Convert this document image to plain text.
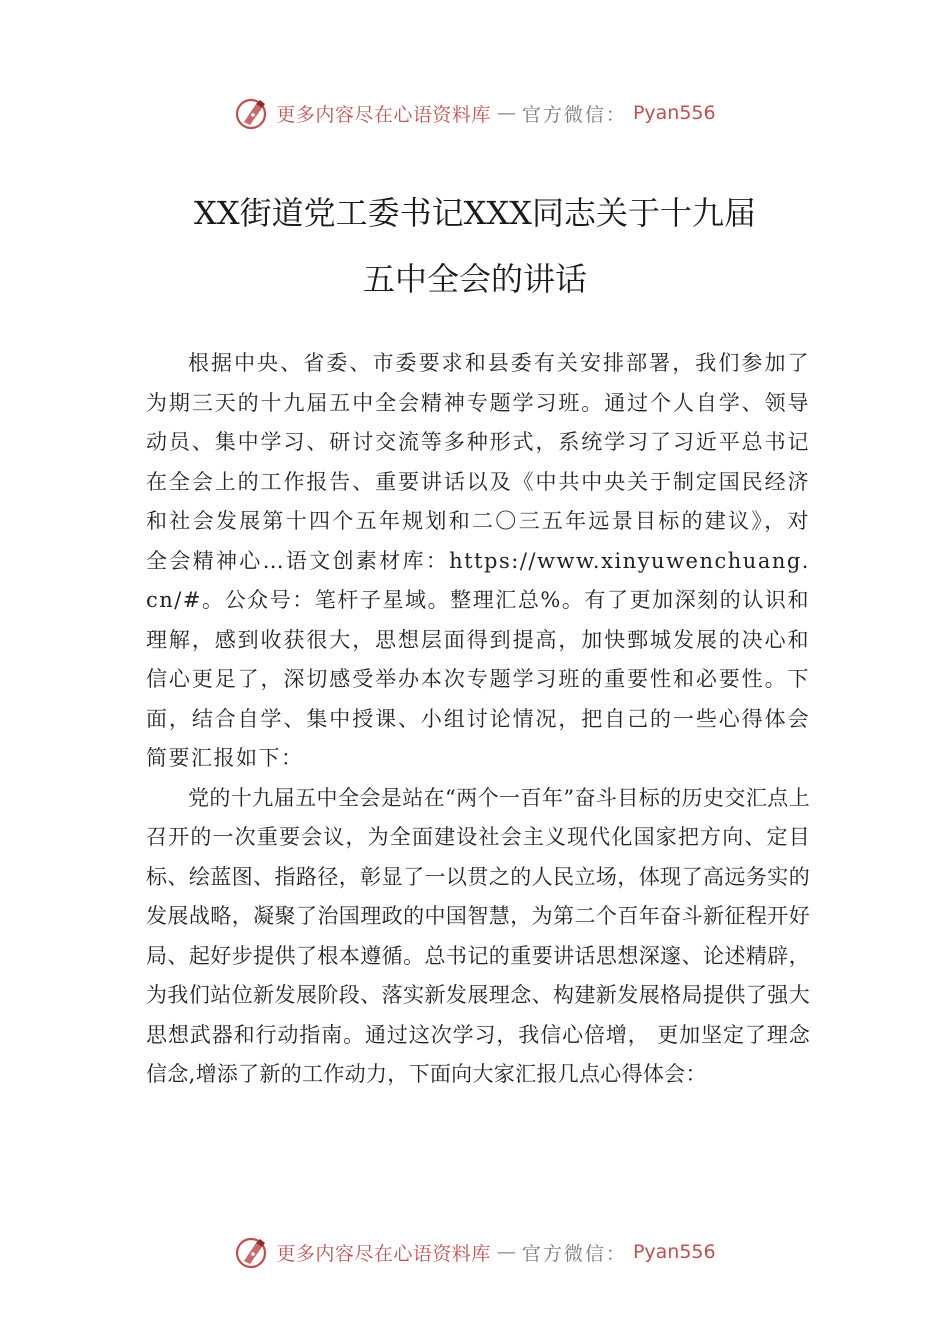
更多内容尽在心语资料库 — 官方微信： Pyan556
XX街道党工委书记XXX同志关于十九届
五中全会的讲话

根据中央、省委、市委要求和县委有关安排部署，我们参加了为期三天的十九届五中全会精神专题学习班。通过个人自学、领导动员、集中学习、研讨交流等多种形式，系统学习了习近平总书记在全会上的工作报告、重要讲话以及《中共中央关于制定国民经济和社会发展第十四个五年规划和二〇三五年远景目标的建议》，对全会精神心…语文创素材库：https://www.xinyuwenchuang.cn/#。公众号：笔杆子星域。整理汇总%。有了更加深刻的认识和理解，感到收获很大，思想层面得到提高，加快鄄城发展的决心和信心更足了，深切感受举办本次专题学习班的重要性和必要性。下面，结合自学、集中授课、小组讨论情况，把自己的一些心得体会简要汇报如下：

党的十九届五中全会是站在“两个一百年”奋斗目标的历史交汇点上召开的一次重要会议，为全面建设社会主义现代化国家把方向、定目标、绘蓝图、指路径，彰显了一以贯之的人民立场，体现了高远务实的发展战略，凝聚了治国理政的中国智慧，为第二个百年奋斗新征程开好局、起好步提供了根本遵循。总书记的重要讲话思想深邃、论述精辟，为我们站位新发展阶段、落实新发展理念、构建新发展格局提供了强大思想武器和行动指南。通过这次学习，我信心倍增， 更加坚定了理念信念,增添了新的工作动力，下面向大家汇报几点心得体会：

更多内容尽在心语资料库 — 官方微信： Pyan556
